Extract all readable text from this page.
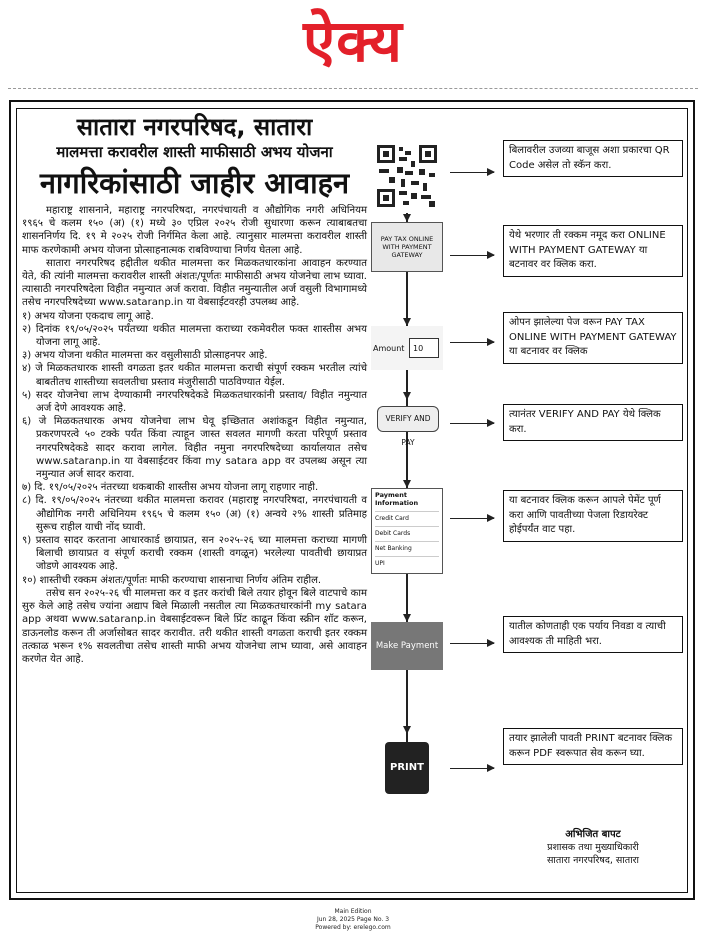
ऐक्य
सातारा नगरपरिषद, सातारा
मालमत्ता करावरील शास्ती माफीसाठी अभय योजना
नागरिकांसाठी जाहीर आवाहन

महाराष्ट्र शासनाने, महाराष्ट्र नगरपरिषदा, नगरपंचायती व औद्योगिक नगरी अधिनियम १९६५ चे कलम १५० (अ) (१) मध्ये ३० एप्रिल २०२५ रोजी सुधारणा करून त्याबाबतचा शासननिर्णय दि. १९ मे २०२५ रोजी निर्गमित केला आहे. त्यानुसार मालमत्ता करावरील शास्ती माफ करणेकामी अभय योजना प्रोत्साहनात्मक राबविण्याचा निर्णय घेतला आहे.

सातारा नगरपरिषद हद्दीतील थकीत मालमत्ता कर मिळकतधारकांना आवाहन करण्यात येते, की त्यांनी मालमत्ता करावरील शास्ती अंशतः/पूर्णतः माफीसाठी अभय योजनेचा लाभ घ्यावा. त्यासाठी नगरपरिषदेला विहीत नमुन्यात अर्ज करावा. विहीत नमुन्यातील अर्ज वसुली विभागामध्ये तसेच नगरपरिषदेच्या www.sataranp.in या वेबसाईटवरही उपलब्ध आहे.

१) अभय योजना एकदाच लागू आहे.

२) दिनांक १९/०५/२०२५ पर्यंतच्या थकीत मालमत्ता कराच्या रकमेवरील फक्त शास्तीस अभय योजना लागू आहे.

३) अभय योजना थकीत मालमत्ता कर वसुलीसाठी प्रोत्साहनपर आहे.

४) जे मिळकतधारक शास्ती वगळता इतर थकीत मालमत्ता कराची संपूर्ण रक्कम भरतील त्यांचे बाबतीतच शास्तीच्या सवलतीचा प्रस्ताव मंजुरीसाठी पाठविण्यात येईल.

५) सदर योजनेचा लाभ देण्याकामी नगरपरिषदेकडे मिळकतधारकांनी प्रस्ताव/ विहीत नमुन्यात अर्ज देणे आवश्यक आहे.

६) जे मिळकतधारक अभय योजनेचा लाभ घेवू इच्छितात अशांकडून विहीत नमुन्यात, प्रकरणपरत्वे ५० टक्के पर्यंत किंवा त्याहून जास्त सवलत मागणी करता परिपूर्ण प्रस्ताव नगरपरिषदेकडे सादर करावा लागेल. विहीत नमुना नगरपरिषदेच्या कार्यालयात तसेच www.sataranp.in या वेबसाईटवर किंवा my satara app वर उपलब्ध असून त्या नमुन्यात अर्ज सादर करावा.

७) दि. १९/०५/२०२५ नंतरच्या थकबाकी शास्तीस अभय योजना लागू राहणार नाही.

८) दि. १९/०५/२०२५ नंतरच्या थकीत मालमत्ता करावर (महाराष्ट्र नगरपरिषदा, नगरपंचायती व औद्योगिक नगरी अधिनियम १९६५ चे कलम १५० (अ) (१) अन्वये २% शास्ती प्रतिमाह सुरूच राहील याची नोंद घ्यावी.

९) प्रस्ताव सादर करताना आधारकार्ड छायाप्रत, सन २०२५-२६ च्या मालमत्ता कराच्या मागणी बिलाची छायाप्रत व संपूर्ण कराची रक्कम (शास्ती वगळून) भरलेल्या पावतीची छायाप्रत जोडणे आवश्यक आहे.

१०) शास्तीची रक्कम अंशतः/पूर्णतः माफी करण्याचा शासनाचा निर्णय अंतिम राहील.

तसेच सन २०२५-२६ ची मालमत्ता कर व इतर करांची बिले तयार होवून बिले वाटपाचे काम सुरु केले आहे तसेच ज्यांना अद्याप बिले मिळाली नसतील त्या मिळकतधारकांनी my satara app अथवा www.sataranp.in वेबसाईटवरून बिले प्रिंट काढून किंवा स्क्रीन शॉट करून, डाऊनलोड करून ती अर्जासोबत सादर करावीत. तरी थकीत शास्ती वगळता कराची इतर रक्कम तत्काळ भरून १% सवलतीचा तसेच शास्ती माफी अभय योजनेचा लाभ घ्यावा, असे आवाहन करणेत येत आहे.

PAY TAX ONLINE WITH PAYMENT GATEWAY
Amount	10
VERIFY AND PAY
Payment Information
Credit Card
Debit Cards
Net Banking
UPI
Make Payment
PRINT
बिलावरील उजव्या बाजूस अशा प्रकारचा QR Code असेल तो स्कॅन करा.
येथे भरणार ती रक्कम नमूद करा ONLINE WITH PAYMENT GATEWAY या बटनावर वर क्लिक करा.
ओपन झालेल्या पेज वरून PAY TAX ONLINE WITH PAYMENT GATEWAY या बटनावर वर क्लिक
त्यानंतर VERIFY AND PAY येथे क्लिक करा.
या बटनावर क्लिक करून आपले पेमेंट पूर्ण करा आणि पावतीच्या पेजला रिडायरेक्ट होईपर्यंत वाट पहा.
यातील कोणताही एक पर्याय निवडा व त्याची आवश्यक ती माहिती भरा.
तयार झालेली पावती PRINT बटनावर क्लिक करून PDF स्वरूपात सेव करून घ्या.
अभिजित बापट
प्रशासक तथा मुख्याधिकारी
सातारा नगरपरिषद, सातारा
Main Edition
Jun 28, 2025 Page No. 3
Powered by: erelego.com
